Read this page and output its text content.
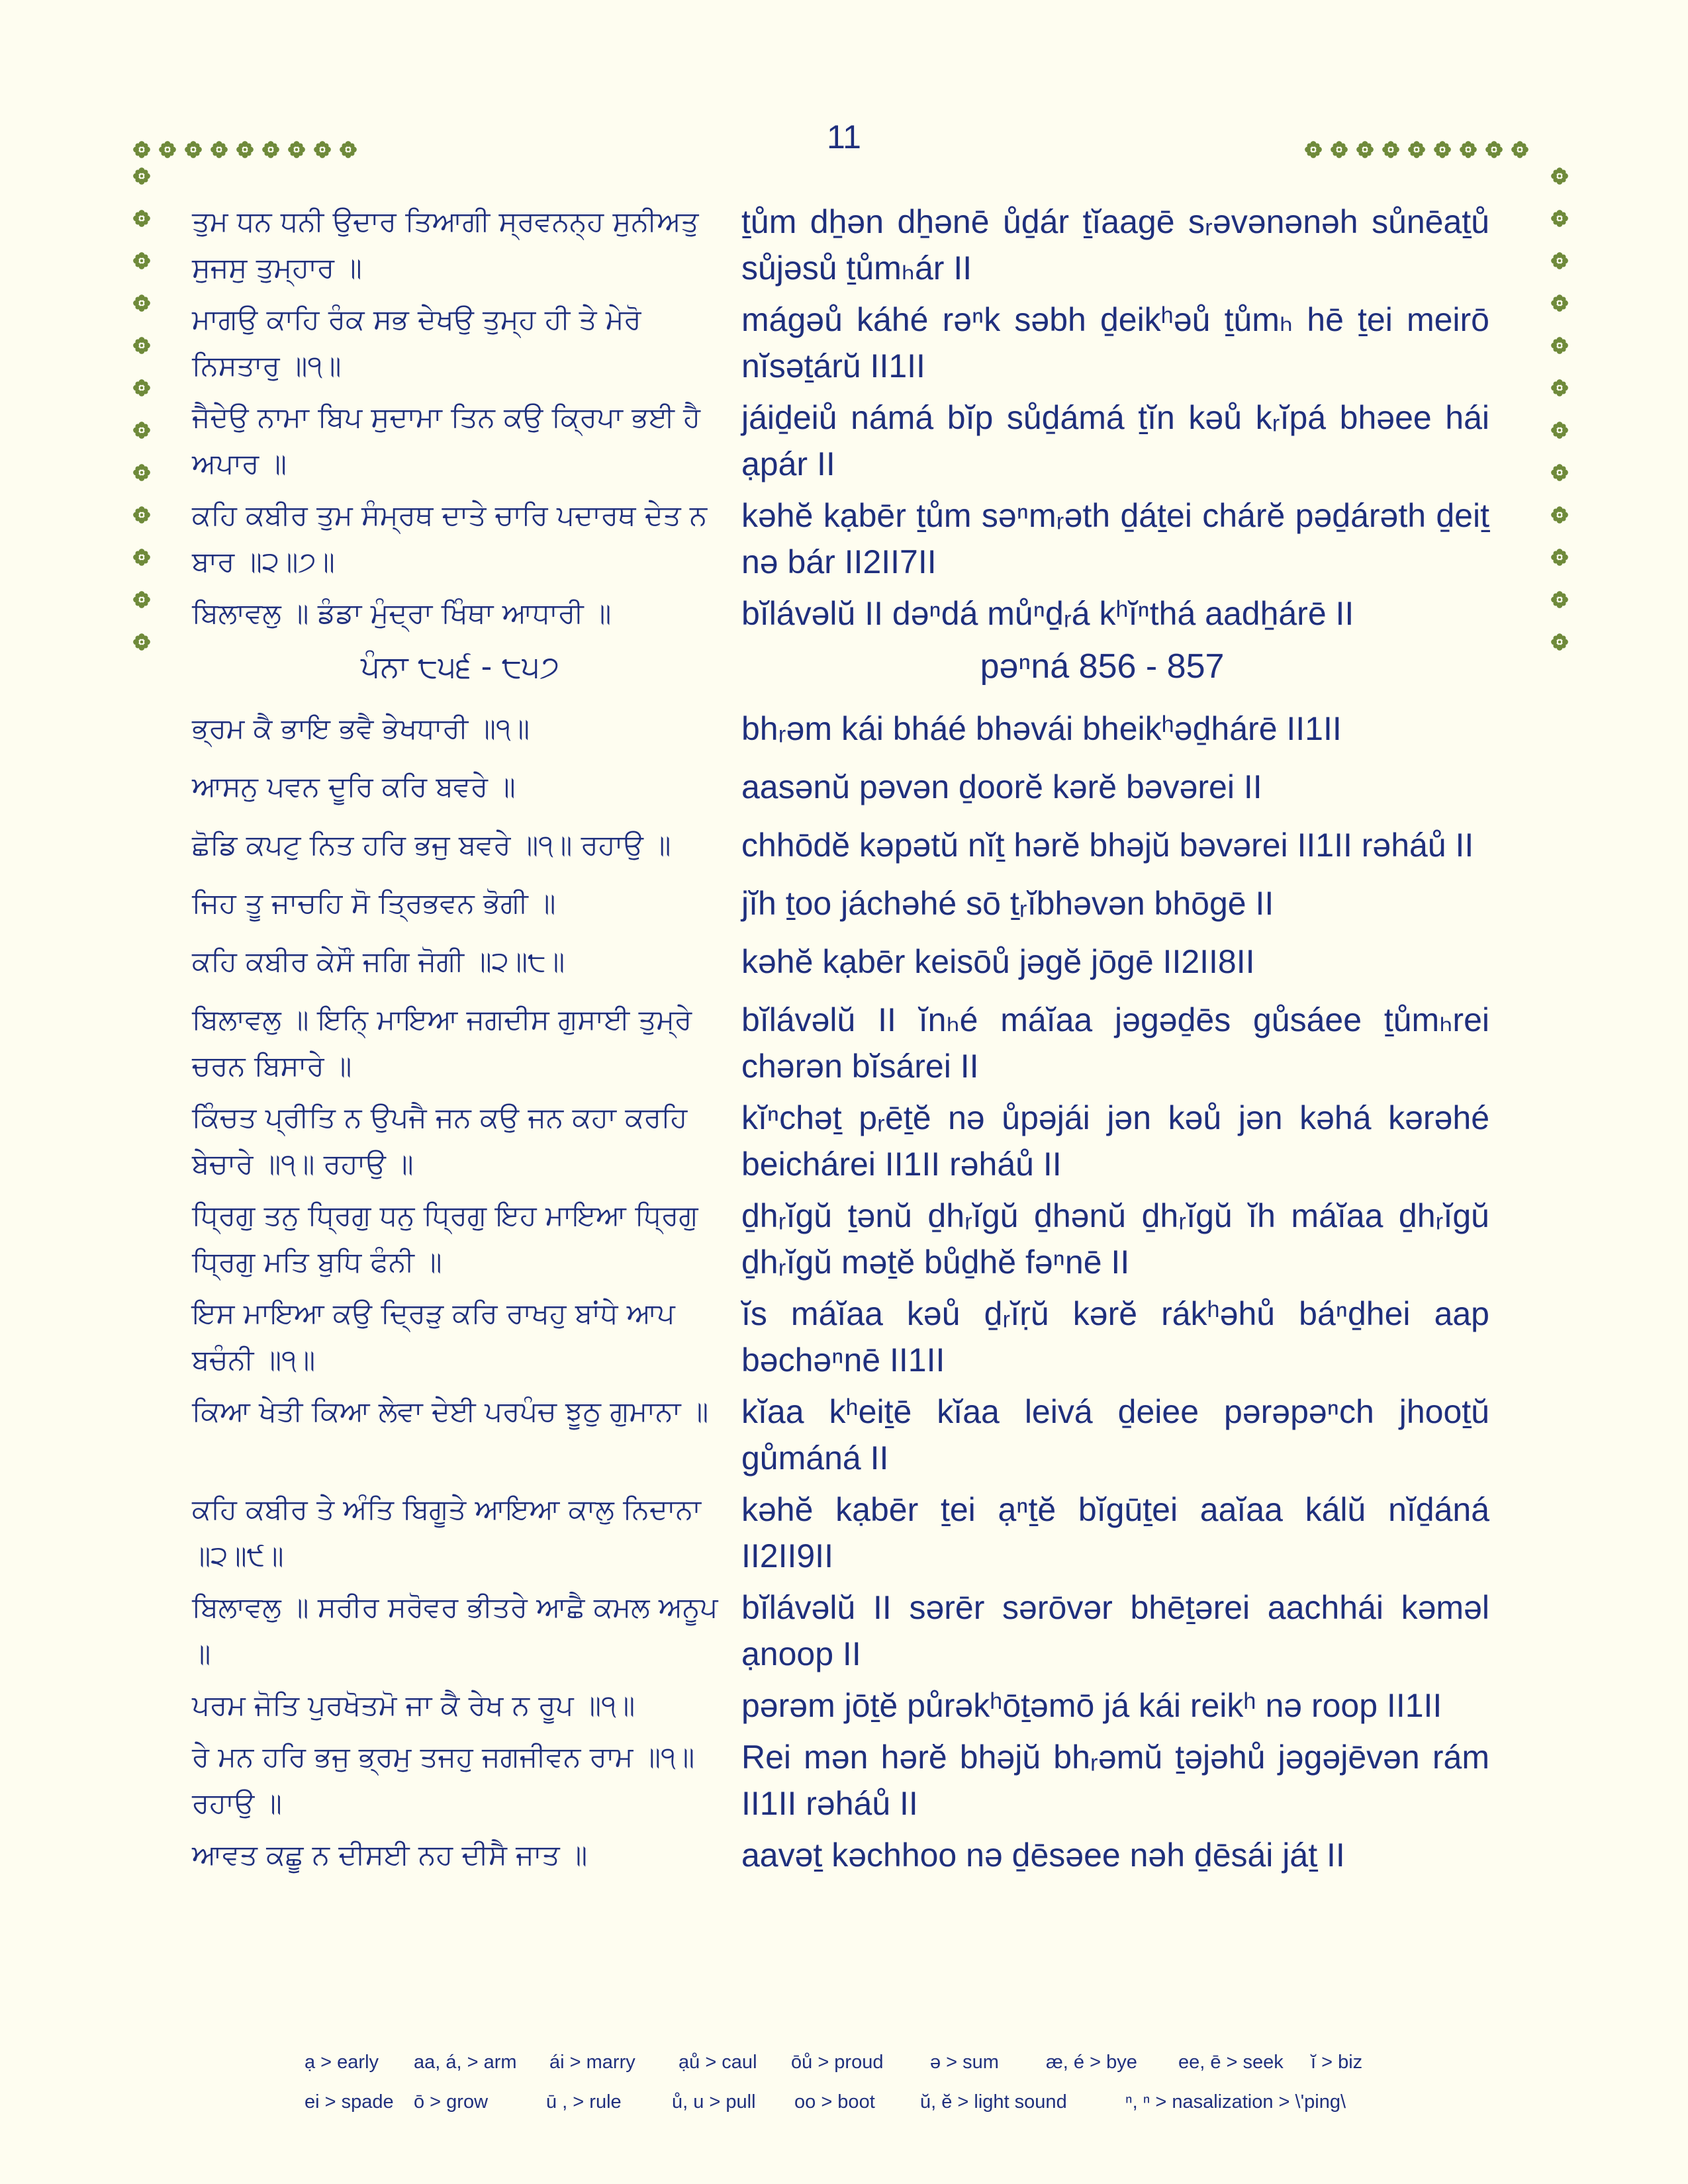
11
ਤੁਮ ਧਨ ਧਨੀ ਉਦਾਰ ਤਿਆਗੀ ਸ੍ਰਵਨਨ੍ਹ ਸੁਨੀਅਤੁ ਸੁਜਸੁ ਤੁਮ੍ਹਾਰ ॥
ṯům dẖən dẖənē ůḏár ṯĭaagē sᵣəvənənəh sůnēaṯů sůjəsů ṯůmₕár II
ਮਾਗਉ ਕਾਹਿ ਰੰਕ ਸਭ ਦੇਖਉ ਤੁਮ੍ਹ ਹੀ ਤੇ ਮੇਰੋ ਨਿਸਤਾਰੁ ॥੧॥
mágəů káhé rəⁿk səbh ḏeikʰəů ṯůmₕ hē ṯei meirō nĭsəṯárŭ II1II
ਜੈਦੇਉ ਨਾਮਾ ਬਿਪ ਸੁਦਾਮਾ ਤਿਨ ਕਉ ਕ੍ਰਿਪਾ ਭਈ ਹੈ ਅਪਾਰ ॥
jáiḏeiů námá bĭp sůḏámá ṯĭn kəů kᵣĭpá bhəee hái ạpár II
ਕਹਿ ਕਬੀਰ ਤੁਮ ਸੰਮ੍ਰਥ ਦਾਤੇ ਚਾਰਿ ਪਦਾਰਥ ਦੇਤ ਨ ਬਾਰ ॥੨॥੭॥
kəhĕ kạbēr ṯům səⁿmᵣəth ḏáṯei chárĕ pəḏárəth ḏeiṯ nə bár II2II7II
ਬਿਲਾਵਲੁ ॥ ਡੰਡਾ ਮੁੰਦ੍ਰਾ ਖਿੰਥਾ ਆਧਾਰੀ ॥	bĭlávəlŭ II dəⁿdá můⁿḏᵣá kʰĭⁿthá aadẖárē II
ਪੰਨਾ ੮੫੬ - ੮੫੭	pəⁿná 856 - 857
ਭ੍ਰਮ ਕੈ ਭਾਇ ਭਵੈ ਭੇਖਧਾਰੀ ॥੧॥	bhᵣəm kái bháé bhəvái bheikʰəḏhárē II1II
ਆਸਨੁ ਪਵਨ ਦੂਰਿ ਕਰਿ ਬਵਰੇ ॥	aasənŭ pəvən ḏoorĕ kərĕ bəvərei II
ਛੋਡਿ ਕਪਟੁ ਨਿਤ ਹਰਿ ਭਜੁ ਬਵਰੇ ॥੧॥ ਰਹਾਉ ॥	chhōdĕ kəpətŭ nĭṯ hərĕ bhəjŭ bəvərei II1II rəháů II
ਜਿਹ ਤੂ ਜਾਚਹਿ ਸੋ ਤ੍ਰਿਭਵਨ ਭੋਗੀ ॥	jĭh ṯoo jáchəhé sō ṯᵣĭbhəvən bhōgē II
ਕਹਿ ਕਬੀਰ ਕੇਸੌ ਜਗਿ ਜੋਗੀ ॥੨॥੮॥	kəhĕ kạbēr keisōů jəgĕ jōgē II2II8II
ਬਿਲਾਵਲੁ ॥ ਇਨਿ੍ ਮਾਇਆ ਜਗਦੀਸ ਗੁਸਾਈ ਤੁਮ੍ਰੇ ਚਰਨ ਬਿਸਾਰੇ ॥
bĭlávəlŭ II ĭnₕé máĭaa jəgəḏēs gůsáee ṯůmₕrei chərən bĭsárei II
ਕਿੰਚਤ ਪ੍ਰੀਤਿ ਨ ਉਪਜੈ ਜਨ ਕਉ ਜਨ ਕਹਾ ਕਰਹਿ ਬੇਚਾਰੇ ॥੧॥ ਰਹਾਉ ॥
kĭⁿchəṯ pᵣēṯĕ nə ůpəjái jən kəů jən kəhá kərəhé beichárei II1II rəháů II
ਧ੍ਰਿਗੁ ਤਨੁ ਧ੍ਰਿਗੁ ਧਨੁ ਧ੍ਰਿਗੁ ਇਹ ਮਾਇਆ ਧ੍ਰਿਗੁ ਧ੍ਰਿਗੁ ਮਤਿ ਬੁਧਿ ਫੰਨੀ ॥
ḏhᵣĭgŭ ṯənŭ ḏhᵣĭgŭ ḏhənŭ ḏhᵣĭgŭ ĭh máĭaa ḏhᵣĭgŭ ḏhᵣĭgŭ məṯĕ bůḏhĕ fəⁿnē II
ਇਸ ਮਾਇਆ ਕਉ ਦ੍ਰਿੜੁ ਕਰਿ ਰਾਖਹੁ ਬਾਂਧੇ ਆਪ ਬਚੰਨੀ ॥੧॥
ĭs máĭaa kəů ḏᵣĭṛŭ kərĕ rákʰəhů báⁿḏhei aap bəchəⁿnē II1II
ਕਿਆ ਖੇਤੀ ਕਿਆ ਲੇਵਾ ਦੇਈ ਪਰਪੰਚ ਝੂਠੁ ਗੁਮਾਨਾ ॥ kĭaa kʰeiṯē kĭaa leivá ḏeiee pərəpəⁿch jhooṯŭ gůmáná II
ਕਹਿ ਕਬੀਰ ਤੇ ਅੰਤਿ ਬਿਗੂਤੇ ਆਇਆ ਕਾਲੁ ਨਿਦਾਨਾ ॥੨॥੯॥
kəhĕ kạbēr ṯei ạⁿṯĕ bĭgūṯei aaĭaa kálŭ nĭḏáná II2II9II
ਬਿਲਾਵਲੁ ॥ ਸਰੀਰ ਸਰੋਵਰ ਭੀਤਰੇ ਆਛੈ ਕਮਲ ਅਨੂਪ ॥
bĭlávəlŭ II sərēr sərōvər bhēṯərei aachhái kəməl ạnoop II
ਪਰਮ ਜੋਤਿ ਪੁਰਖੋਤਮੋ ਜਾ ਕੈ ਰੇਖ ਨ ਰੂਪ ॥੧॥	pərəm jōṯĕ půrəkʰōṯəmō já kái reikʰ nə roop II1II
ਰੇ ਮਨ ਹਰਿ ਭਜੁ ਭ੍ਰਮੁ ਤਜਹੁ ਜਗਜੀਵਨ ਰਾਮ ॥੧॥ ਰਹਾਉ ॥
Rei mən hərĕ bhəjŭ bhᵣəmŭ ṯəjəhů jəgəjēvən rám II1II rəháů II
ਆਵਤ ਕਛੂ ਨ ਦੀਸਈ ਨਹ ਦੀਸੈ ਜਾਤ ॥	aavəṯ kəchhoo nə ḏēsəee nəh ḏēsái jáṯ II
ạ > early	aa, á, > arm	ái > marry	ạů > caul	ōů > proud	ə > sum	æ, é > bye	ee, ē > seek	ĭ > biz
ei > spade	ō > grow	ū , > rule	ů, u > pull	oo > boot	ŭ, ĕ > light sound	ⁿ, ⁿ > nasalization > \'ping\
